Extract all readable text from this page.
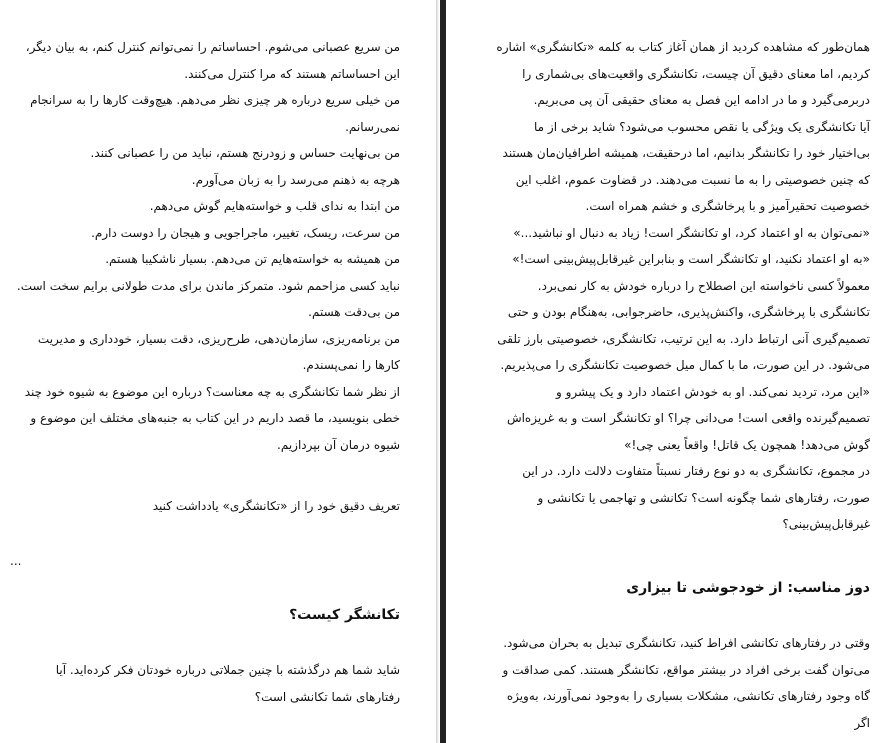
من سریع عصبانی می‌شوم. احساساتم را نمی‌توانم کنترل کنم، به بیان دیگر، این احساساتم هستند که مرا کنترل می‌کنند.

من خیلی سریع درباره هر چیزی نظر می‌دهم. هیچ‌وقت کارها را به سرانجام نمی‌رسانم.

من بی‌نهایت حساس و زودرنج هستم، نباید من را عصبانی کنند.

هرچه به ذهنم می‌رسد را به زبان می‌آورم.

من ابتدا به ندای قلب و خواسته‌هایم گوش می‌دهم.

من سرعت، ریسک، تغییر، ماجراجویی و هیجان را دوست دارم.

من همیشه به خواسته‌هایم تن می‌دهم. بسیار ناشکیبا هستم.

نباید کسی مزاحمم شود. متمرکز ماندن برای مدت طولانی برایم سخت است. من بی‌دقت هستم.

من برنامه‌ریزی، سازمان‌دهی، طرح‌ریزی، دقت بسیار، خودداری و مدیریت کارها را نمی‌پسندم.

از نظر شما تکانشگری به چه معناست؟ درباره این موضوع به شیوه خود چند خطی بنویسید، ما قصد داریم در این کتاب به جنبه‌های مختلف این موضوع و شیوه درمان آن بپردازیم.

تعریف دقیق خود را از «تکانشگری» یادداشت کنید

...

تکانشگر کیست؟

شاید شما هم درگذشته با چنین جملاتی درباره خودتان فکر کرده‌اید. آیا رفتارهای شما تکانشی است؟

همان‌طور که مشاهده کردید از همان آغاز کتاب به کلمه «تکانشگری» اشاره کردیم، اما معنای دقیق آن چیست، تکانشگری واقعیت‌های بی‌شماری را دربرمی‌گیرد و ما در ادامه این فصل به معنای حقیقی آن پی می‌بریم.

آیا تکانشگری یک ویژگی یا نقص محسوب می‌شود؟ شاید برخی از ما بی‌اختیار خود را تکانشگر بدانیم، اما درحقیقت، همیشه اطرافیان‌مان هستند که چنین خصوصیتی را به ما نسبت می‌دهند. در قضاوت عموم، اغلب این خصوصیت تحقیرآمیز و با پرخاشگری و خشم همراه است.

«نمی‌توان به او اعتماد کرد، او تکانشگر است! زیاد به دنبال او نباشید...»

«به او اعتماد نکنید، او تکانشگر است و بنابراین غیرقابل‌پیش‌بینی است!»

معمولاً کسی ناخواسته این اصطلاح را درباره خودش به کار نمی‌برد.

تکانشگری با پرخاشگری، واکنش‌پذیری، حاضرجوابی، به‌هنگام بودن و حتی تصمیم‌گیری آنی ارتباط دارد. به این ترتیب، تکانشگری، خصوصیتی بارز تلقی می‌شود. در این صورت، ما با کمال میل خصوصیت تکانشگری را می‌پذیریم.

«این مرد، تردید نمی‌کند. او به خودش اعتماد دارد و یک پیشرو و تصمیم‌گیرنده واقعی است! می‌دانی چرا؟ او تکانشگر است و به غریزه‌اش گوش می‌دهد! همچون یک قاتل! واقعاً یعنی چی!»

در مجموع، تکانشگری به دو نوع رفتار نسبتاً متفاوت دلالت دارد. در این صورت، رفتارهای شما چگونه است؟ تکانشی و تهاجمی یا تکانشی و غیرقابل‌پیش‌بینی؟

دوز مناسب: از خودجوشی تا بیزاری

وقتی در رفتارهای تکانشی افراط کنید، تکانشگری تبدیل به بحران می‌شود. می‌توان گفت برخی افراد در بیشتر مواقع، تکانشگر هستند. کمی صداقت و گاه وجود رفتارهای تکانشی، مشکلات بسیاری را به‌وجود نمی‌آورند، به‌ویژه اگر
